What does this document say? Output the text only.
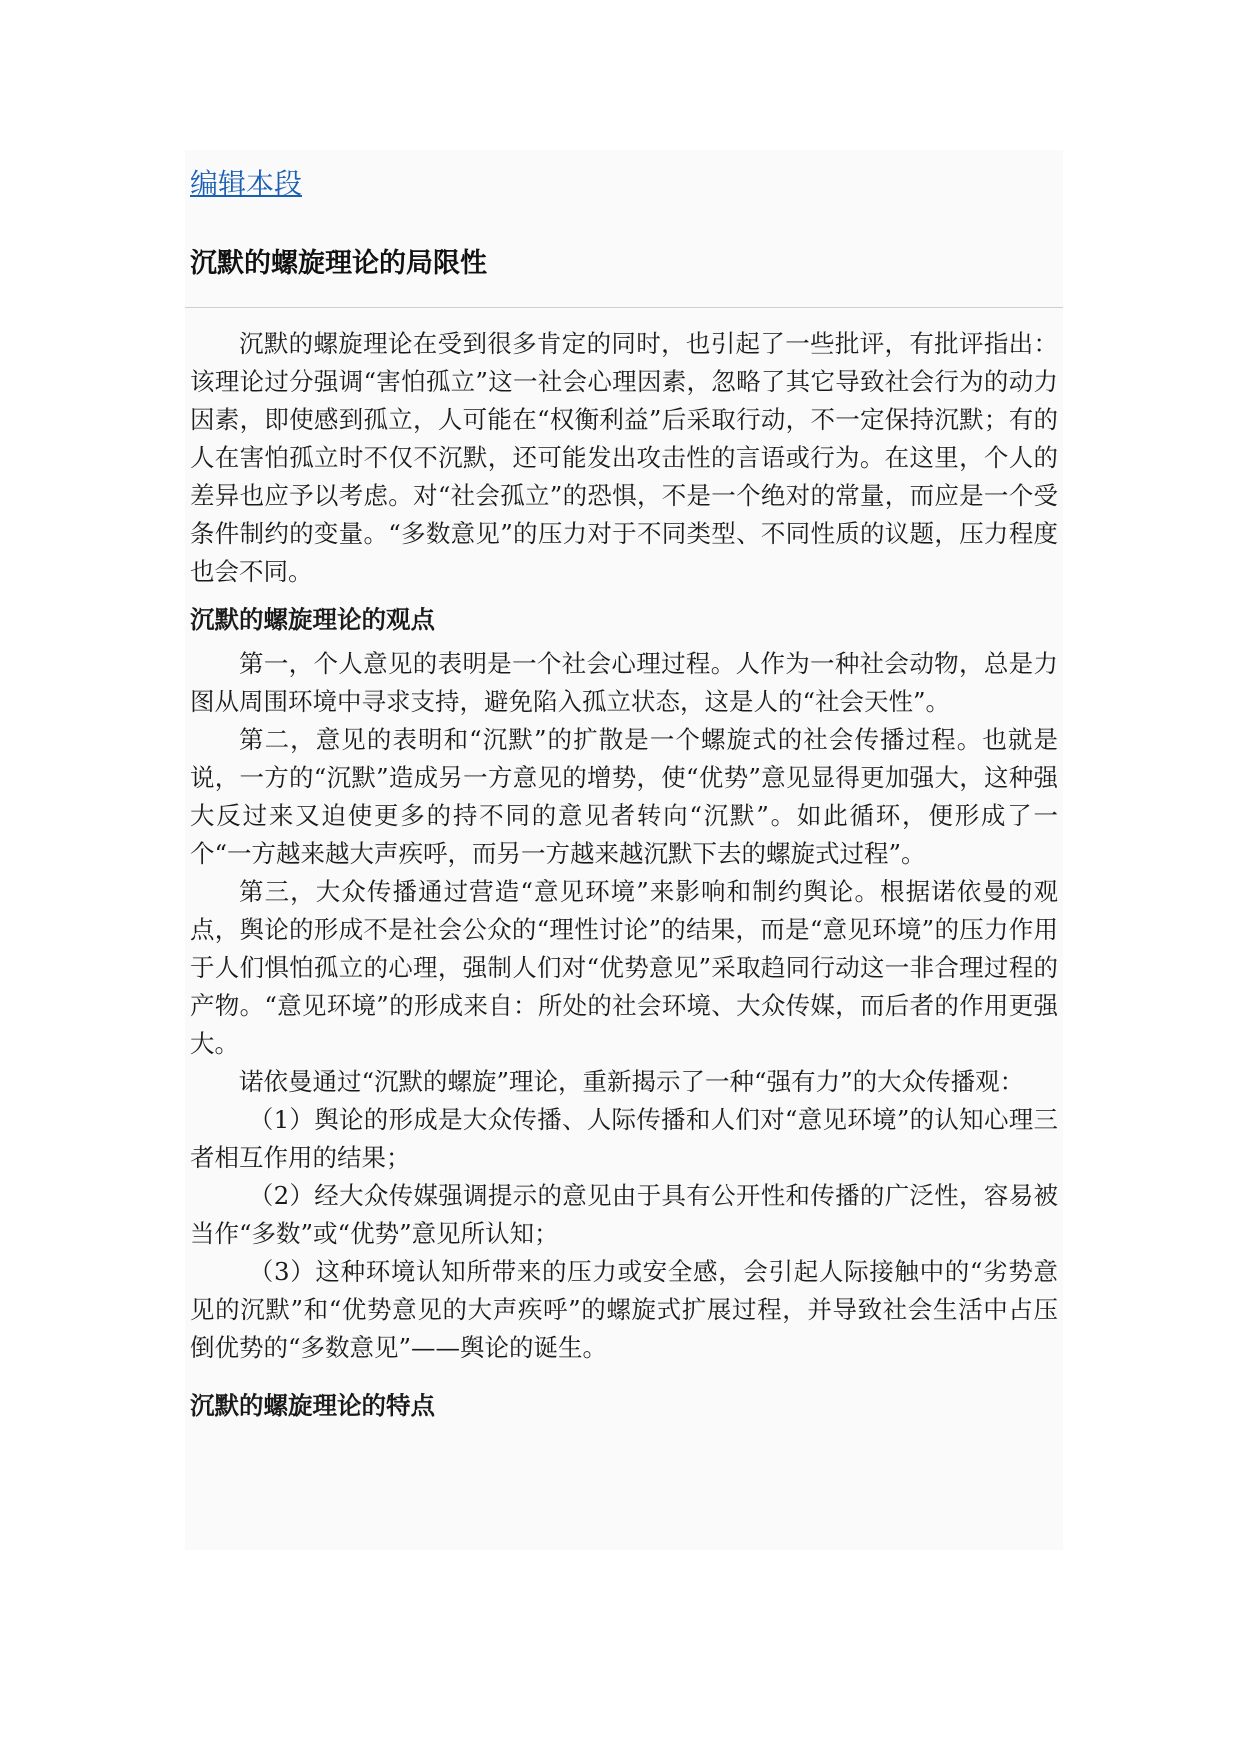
编辑本段
沉默的螺旋理论的局限性

沉默的螺旋理论在受到很多肯定的同时，也引起了一些批评，有批评指出：该理论过分强调“害怕孤立”这一社会心理因素，忽略了其它导致社会行为的动力因素，即使感到孤立，人可能在“权衡利益”后采取行动，不一定保持沉默；有的人在害怕孤立时不仅不沉默，还可能发出攻击性的言语或行为。在这里，个人的差异也应予以考虑。对“社会孤立”的恐惧，不是一个绝对的常量，而应是一个受条件制约的变量。“多数意见”的压力对于不同类型、不同性质的议题，压力程度也会不同。

沉默的螺旋理论的观点

第一，个人意见的表明是一个社会心理过程。人作为一种社会动物，总是力图从周围环境中寻求支持，避免陷入孤立状态，这是人的“社会天性”。

第二，意见的表明和“沉默”的扩散是一个螺旋式的社会传播过程。也就是说，一方的“沉默”造成另一方意见的增势，使“优势”意见显得更加强大，这种强大反过来又迫使更多的持不同的意见者转向“沉默”。如此循环，便形成了一个“一方越来越大声疾呼，而另一方越来越沉默下去的螺旋式过程”。

第三，大众传播通过营造“意见环境”来影响和制约舆论。根据诺依曼的观点，舆论的形成不是社会公众的“理性讨论”的结果，而是“意见环境”的压力作用于人们惧怕孤立的心理，强制人们对“优势意见”采取趋同行动这一非合理过程的产物。“意见环境”的形成来自：所处的社会环境、大众传媒，而后者的作用更强大。

诺依曼通过“沉默的螺旋”理论，重新揭示了一种“强有力”的大众传播观：

（1）舆论的形成是大众传播、人际传播和人们对“意见环境”的认知心理三者相互作用的结果；

（2）经大众传媒强调提示的意见由于具有公开性和传播的广泛性，容易被当作“多数”或“优势”意见所认知；

（3）这种环境认知所带来的压力或安全感，会引起人际接触中的“劣势意见的沉默”和“优势意见的大声疾呼”的螺旋式扩展过程，并导致社会生活中占压倒优势的“多数意见”——舆论的诞生。

沉默的螺旋理论的特点
